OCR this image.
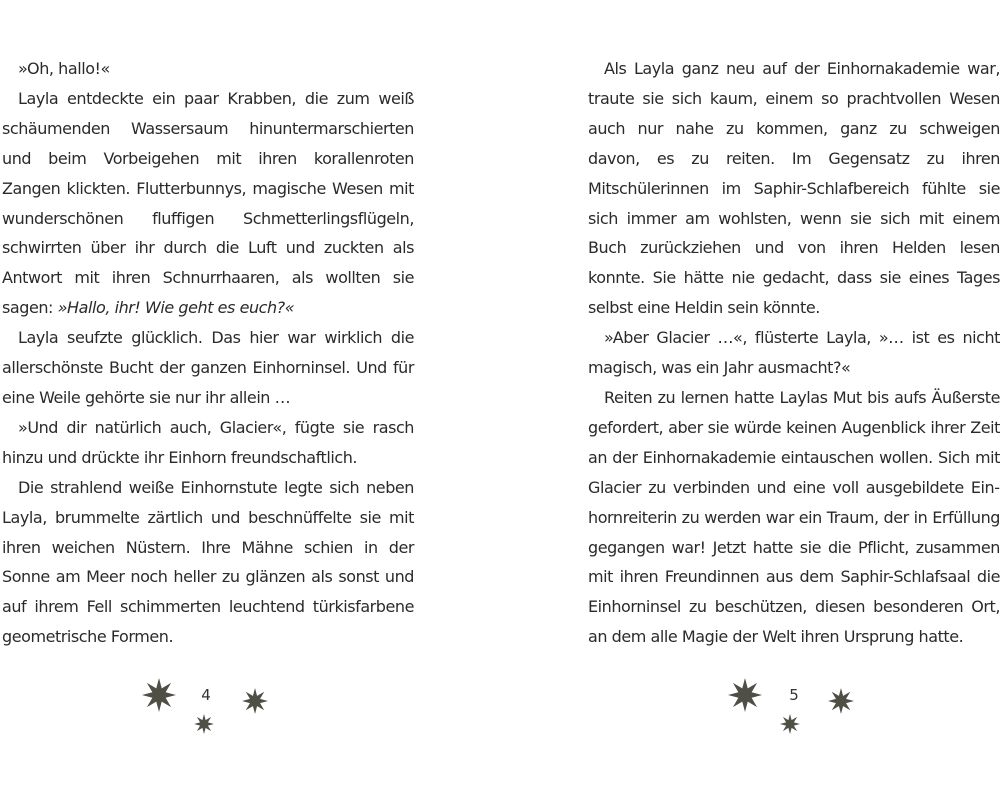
»Oh, hallo!«

Layla entdeckte ein paar Krabben, die zum weiß schäumenden Wassersaum hinuntermarschierten und beim Vorbeigehen mit ihren korallenroten Zangen klickten. Flutterbunnys, magische Wesen mit wunderschönen fluffigen Schmetterlingsflügeln, schwirrten über ihr durch die Luft und zuckten als Antwort mit ihren Schnurrhaaren, als wollten sie sagen: »Hallo, ihr! Wie geht es euch?«

Layla seufzte glücklich. Das hier war wirklich die allerschönste Bucht der ganzen Einhorninsel. Und für eine Weile gehörte sie nur ihr allein …

»Und dir natürlich auch, Glacier«, fügte sie rasch hinzu und drückte ihr Einhorn freundschaftlich.

Die strahlend weiße Einhornstute legte sich neben Layla, brummelte zärtlich und beschnüffelte sie mit ihren weichen Nüstern. Ihre Mähne schien in der Sonne am Meer noch heller zu glänzen als sonst und auf ihrem Fell schimmerten leuchtend türkisfarbene geometrische Formen.

Als Layla ganz neu auf der Einhornakademie war, traute sie sich kaum, einem so prachtvollen Wesen auch nur nahe zu kommen, ganz zu schweigen davon, es zu reiten. Im Gegensatz zu ihren Mitschülerinnen im Saphir-Schlafbereich fühlte sie sich immer am wohlsten, wenn sie sich mit einem Buch zurückziehen und von ihren Helden lesen konnte. Sie hätte nie gedacht, dass sie eines Tages selbst eine Heldin sein könnte.

»Aber Glacier …«, flüsterte Layla, »… ist es nicht magisch, was ein Jahr ausmacht?«

Reiten zu lernen hatte Laylas Mut bis aufs Äußerste gefordert, aber sie würde keinen Augenblick ihrer Zeit an der Einhornakademie eintauschen wollen. Sich mit Glacier zu verbinden und eine voll ausgebildete Einhornreiterin zu werden war ein Traum, der in Erfüllung gegangen war! Jetzt hatte sie die Pflicht, zusammen mit ihren Freundinnen aus dem Saphir-Schlafsaal die Einhorninsel zu beschützen, diesen besonderen Ort, an dem alle Magie der Welt ihren Ursprung hatte.

4	5
